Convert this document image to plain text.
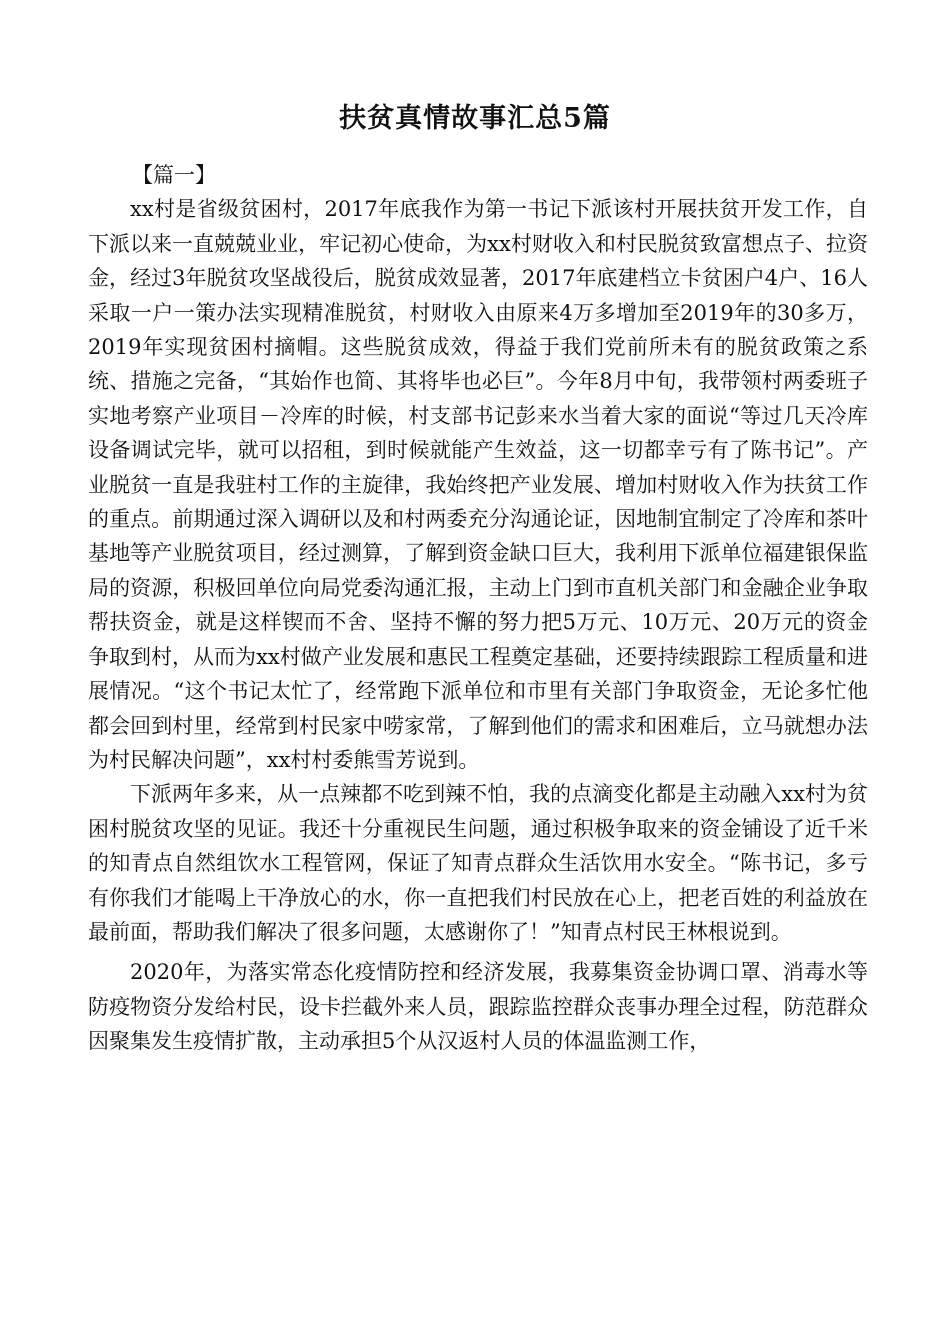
扶贫真情故事汇总5篇

【篇一】

xx村是省级贫困村，2017年底我作为第一书记下派该村开展扶贫开发工作，自下派以来一直兢兢业业，牢记初心使命，为xx村财收入和村民脱贫致富想点子、拉资金，经过3年脱贫攻坚战役后，脱贫成效显著，2017年底建档立卡贫困户4户、16人采取一户一策办法实现精准脱贫，村财收入由原来4万多增加至2019年的30多万，2019年实现贫困村摘帽。这些脱贫成效，得益于我们党前所未有的脱贫政策之系统、措施之完备，“其始作也简、其将毕也必巨”。今年8月中旬，我带领村两委班子实地考察产业项目－冷库的时候，村支部书记彭来水当着大家的面说“等过几天冷库设备调试完毕，就可以招租，到时候就能产生效益，这一切都幸亏有了陈书记”。产业脱贫一直是我驻村工作的主旋律，我始终把产业发展、增加村财收入作为扶贫工作的重点。前期通过深入调研以及和村两委充分沟通论证，因地制宜制定了冷库和茶叶基地等产业脱贫项目，经过测算，了解到资金缺口巨大，我利用下派单位福建银保监局的资源，积极回单位向局党委沟通汇报，主动上门到市直机关部门和金融企业争取帮扶资金，就是这样锲而不舍、坚持不懈的努力把5万元、10万元、20万元的资金争取到村，从而为xx村做产业发展和惠民工程奠定基础，还要持续跟踪工程质量和进展情况。“这个书记太忙了，经常跑下派单位和市里有关部门争取资金，无论多忙他都会回到村里，经常到村民家中唠家常，了解到他们的需求和困难后，立马就想办法为村民解决问题”，xx村村委熊雪芳说到。

下派两年多来，从一点辣都不吃到辣不怕，我的点滴变化都是主动融入xx村为贫困村脱贫攻坚的见证。我还十分重视民生问题，通过积极争取来的资金铺设了近千米的知青点自然组饮水工程管网，保证了知青点群众生活饮用水安全。“陈书记，多亏有你我们才能喝上干净放心的水，你一直把我们村民放在心上，把老百姓的利益放在最前面，帮助我们解决了很多问题，太感谢你了！”知青点村民王林根说到。

2020年，为落实常态化疫情防控和经济发展，我募集资金协调口罩、消毒水等防疫物资分发给村民，设卡拦截外来人员，跟踪监控群众丧事办理全过程，防范群众因聚集发生疫情扩散，主动承担5个从汉返村人员的体温监测工作，
